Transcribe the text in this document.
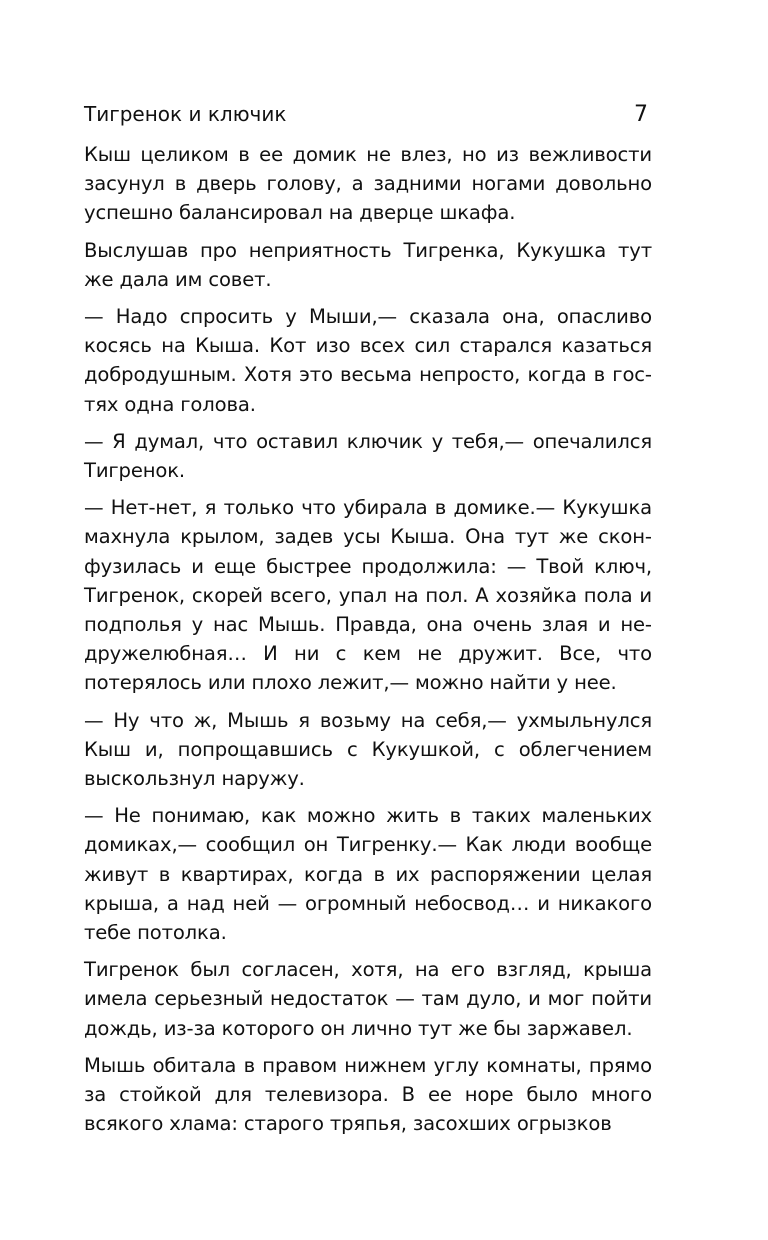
Тигренок и ключик	7

Кыш целиком в ее домик не влез, но из вежливости засунул в дверь голову, а задними ногами довольно успешно балансировал на дверце шкафа.

Выслушав про неприятность Тигренка, Кукушка тут же дала им совет.

— Надо спросить у Мыши,— сказала она, опасливо косясь на Кыша. Кот изо всех сил старался казаться добродушным. Хотя это весьма непросто, когда в гостях одна голова.

— Я думал, что оставил ключик у тебя,— опечалился Тигренок.

— Нет-нет, я только что убирала в домике.— Кукушка махнула крылом, задев усы Кыша. Она тут же сконфузилась и еще быстрее продолжила: — Твой ключ, Тигренок, скорей всего, упал на пол. А хозяйка пола и подполья у нас Мышь. Правда, она очень злая и недружелюбная… И ни с кем не дружит. Все, что потерялось или плохо лежит,— можно найти у нее.

— Ну что ж, Мышь я возьму на себя,— ухмыльнулся Кыш и, попрощавшись с Кукушкой, с облегчением выскользнул наружу.

— Не понимаю, как можно жить в таких маленьких домиках,— сообщил он Тигренку.— Как люди вообще живут в квартирах, когда в их распоряжении целая крыша, а над ней — огромный небосвод… и никакого тебе потолка.

Тигренок был согласен, хотя, на его взгляд, крыша имела серьезный недостаток — там дуло, и мог пойти дождь, из-за которого он лично тут же бы заржавел.

Мышь обитала в правом нижнем углу комнаты, прямо за стойкой для телевизора. В ее норе было много всякого хлама: старого тряпья, засохших огрызков
